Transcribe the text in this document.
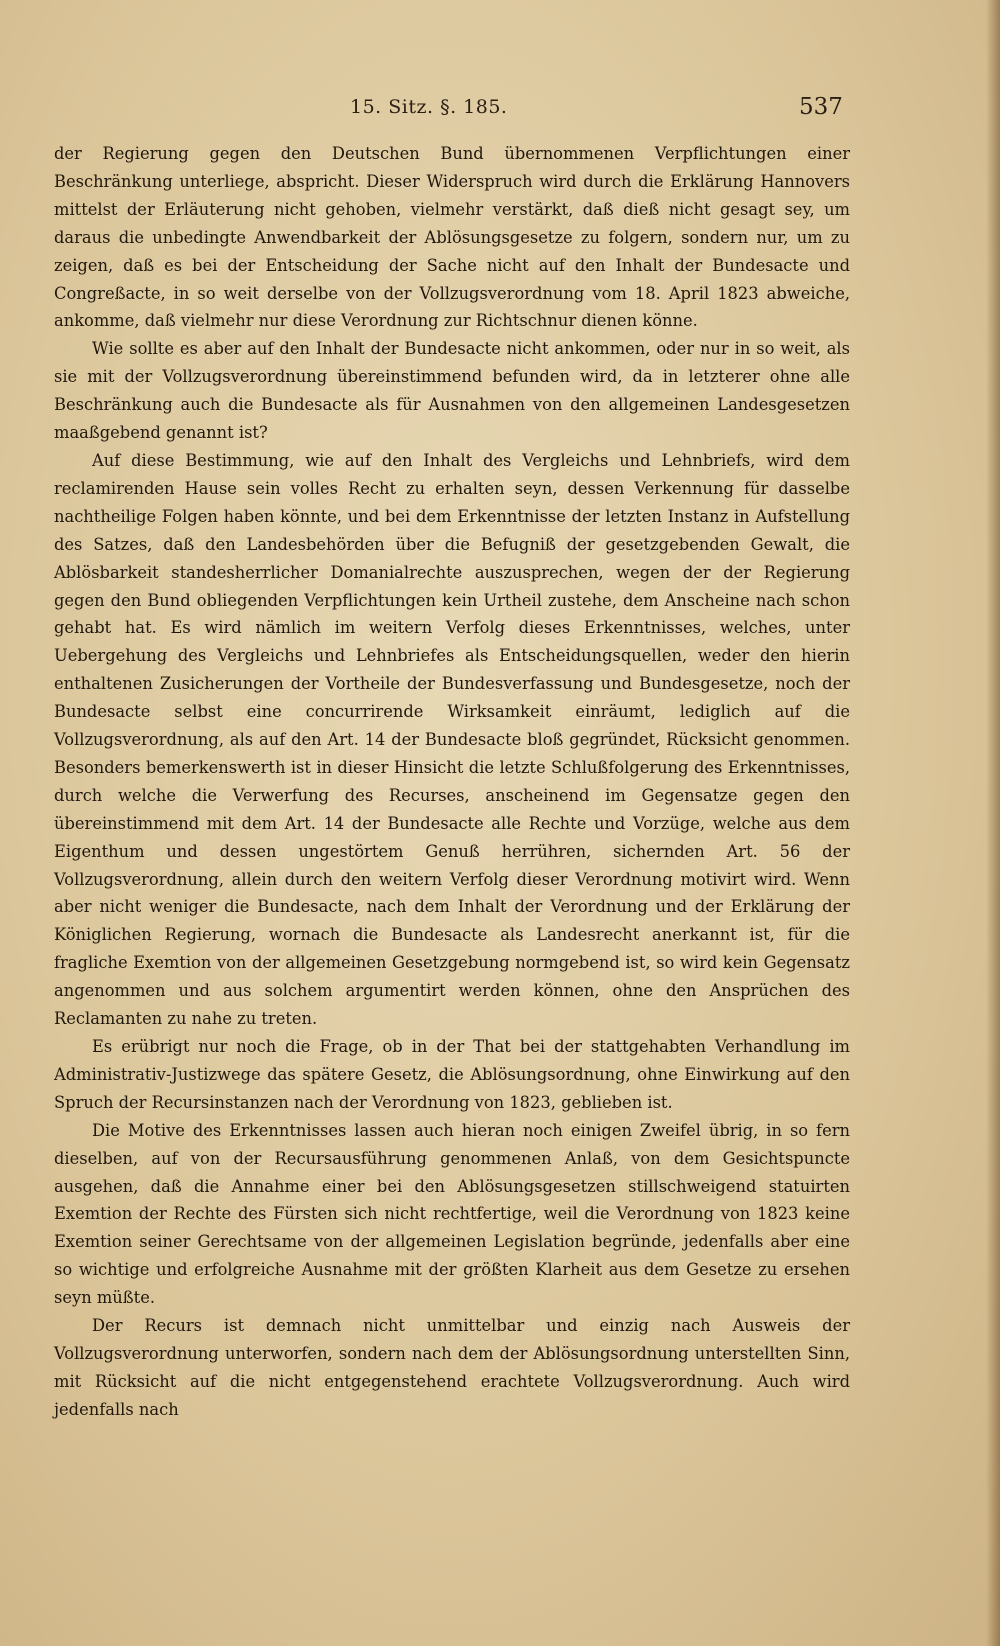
15. Sitz. §. 185.	537

der Regierung gegen den Deutschen Bund übernommenen Verpflichtungen einer Beschränkung unterliege, abspricht. Dieser Widerspruch wird durch die Erklärung Hannovers mittelst der Erläuterung nicht gehoben, vielmehr verstärkt, daß dieß nicht gesagt sey, um daraus die unbedingte Anwendbarkeit der Ablösungsgesetze zu folgern, sondern nur, um zu zeigen, daß es bei der Entscheidung der Sache nicht auf den Inhalt der Bundesacte und Congreßacte, in so weit derselbe von der Vollzugsverordnung vom 18. April 1823 abweiche, ankomme, daß vielmehr nur diese Verordnung zur Richtschnur dienen könne.

Wie sollte es aber auf den Inhalt der Bundesacte nicht ankommen, oder nur in so weit, als sie mit der Vollzugsverordnung übereinstimmend befunden wird, da in letzterer ohne alle Beschränkung auch die Bundesacte als für Ausnahmen von den allgemeinen Landesgesetzen maaßgebend genannt ist?

Auf diese Bestimmung, wie auf den Inhalt des Vergleichs und Lehnbriefs, wird dem reclamirenden Hause sein volles Recht zu erhalten seyn, dessen Verkennung für dasselbe nachtheilige Folgen haben könnte, und bei dem Erkenntnisse der letzten Instanz in Aufstellung des Satzes, daß den Landesbehörden über die Befugniß der gesetzgebenden Gewalt, die Ablösbarkeit standesherrlicher Domanialrechte auszusprechen, wegen der der Regierung gegen den Bund obliegenden Verpflichtungen kein Urtheil zustehe, dem Anscheine nach schon gehabt hat. Es wird nämlich im weitern Verfolg dieses Erkenntnisses, welches, unter Uebergehung des Vergleichs und Lehnbriefes als Entscheidungsquellen, weder den hierin enthaltenen Zusicherungen der Vortheile der Bundesverfassung und Bundesgesetze, noch der Bundesacte selbst eine concurrirende Wirksamkeit einräumt, lediglich auf die Vollzugsverordnung, als auf den Art. 14 der Bundesacte bloß gegründet, Rücksicht genommen. Besonders bemerkenswerth ist in dieser Hinsicht die letzte Schlußfolgerung des Erkenntnisses, durch welche die Verwerfung des Recurses, anscheinend im Gegensatze gegen den übereinstimmend mit dem Art. 14 der Bundesacte alle Rechte und Vorzüge, welche aus dem Eigenthum und dessen ungestörtem Genuß herrühren, sichernden Art. 56 der Vollzugsverordnung, allein durch den weitern Verfolg dieser Verordnung motivirt wird. Wenn aber nicht weniger die Bundesacte, nach dem Inhalt der Verordnung und der Erklärung der Königlichen Regierung, wornach die Bundesacte als Landesrecht anerkannt ist, für die fragliche Exemtion von der allgemeinen Gesetzgebung normgebend ist, so wird kein Gegensatz angenommen und aus solchem argumentirt werden können, ohne den Ansprüchen des Reclamanten zu nahe zu treten.

Es erübrigt nur noch die Frage, ob in der That bei der stattgehabten Verhandlung im Administrativ-Justizwege das spätere Gesetz, die Ablösungsordnung, ohne Einwirkung auf den Spruch der Recursinstanzen nach der Verordnung von 1823, geblieben ist.

Die Motive des Erkenntnisses lassen auch hieran noch einigen Zweifel übrig, in so fern dieselben, auf von der Recursausführung genommenen Anlaß, von dem Gesichtspuncte ausgehen, daß die Annahme einer bei den Ablösungsgesetzen stillschweigend statuirten Exemtion der Rechte des Fürsten sich nicht rechtfertige, weil die Verordnung von 1823 keine Exemtion seiner Gerechtsame von der allgemeinen Legislation begründe, jedenfalls aber eine so wichtige und erfolgreiche Ausnahme mit der größten Klarheit aus dem Gesetze zu ersehen seyn müßte.

Der Recurs ist demnach nicht unmittelbar und einzig nach Ausweis der Vollzugsverordnung unterworfen, sondern nach dem der Ablösungsordnung unterstellten Sinn, mit Rücksicht auf die nicht entgegenstehend erachtete Vollzugsverordnung. Auch wird jedenfalls nach
